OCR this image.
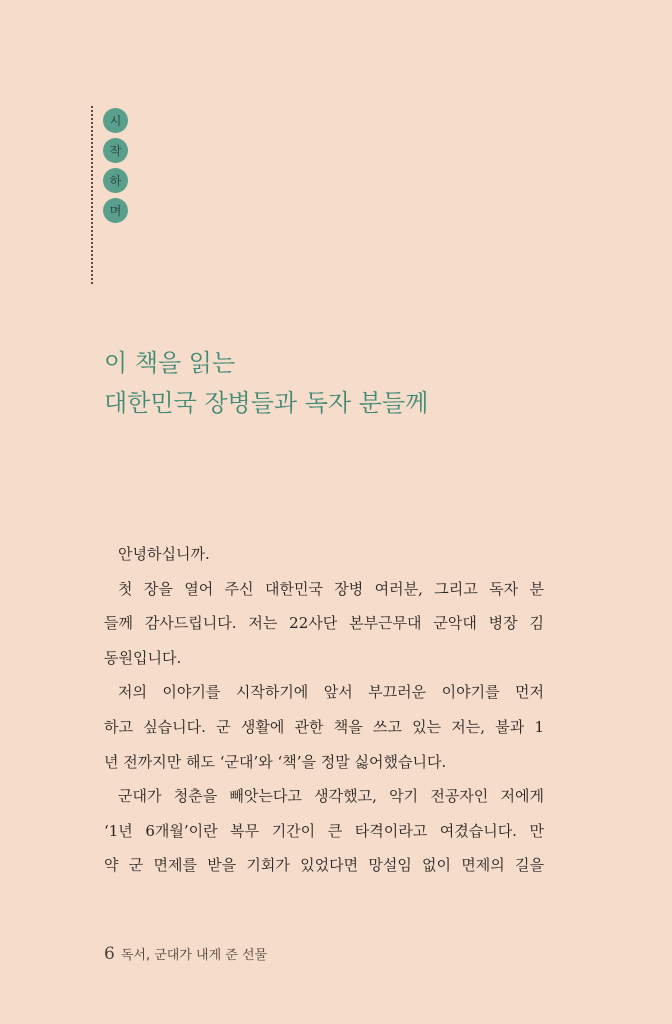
시
작
하
며
이 책을 읽는
대한민국 장병들과 독자 분들께
안녕하십니까.
첫 장을 열어 주신 대한민국 장병 여러분, 그리고 독자 분
들께 감사드립니다. 저는 22사단 본부근무대 군악대 병장 김
동원입니다.
저의 이야기를 시작하기에 앞서 부끄러운 이야기를 먼저
하고 싶습니다. 군 생활에 관한 책을 쓰고 있는 저는, 불과 1
년 전까지만 해도 ‘군대’와 ‘책’을 정말 싫어했습니다.
군대가 청춘을 빼앗는다고 생각했고, 악기 전공자인 저에게
‘1년 6개월’이란 복무 기간이 큰 타격이라고 여겼습니다. 만
약 군 면제를 받을 기회가 있었다면 망설임 없이 면제의 길을
6 독서, 군대가 내게 준 선물
